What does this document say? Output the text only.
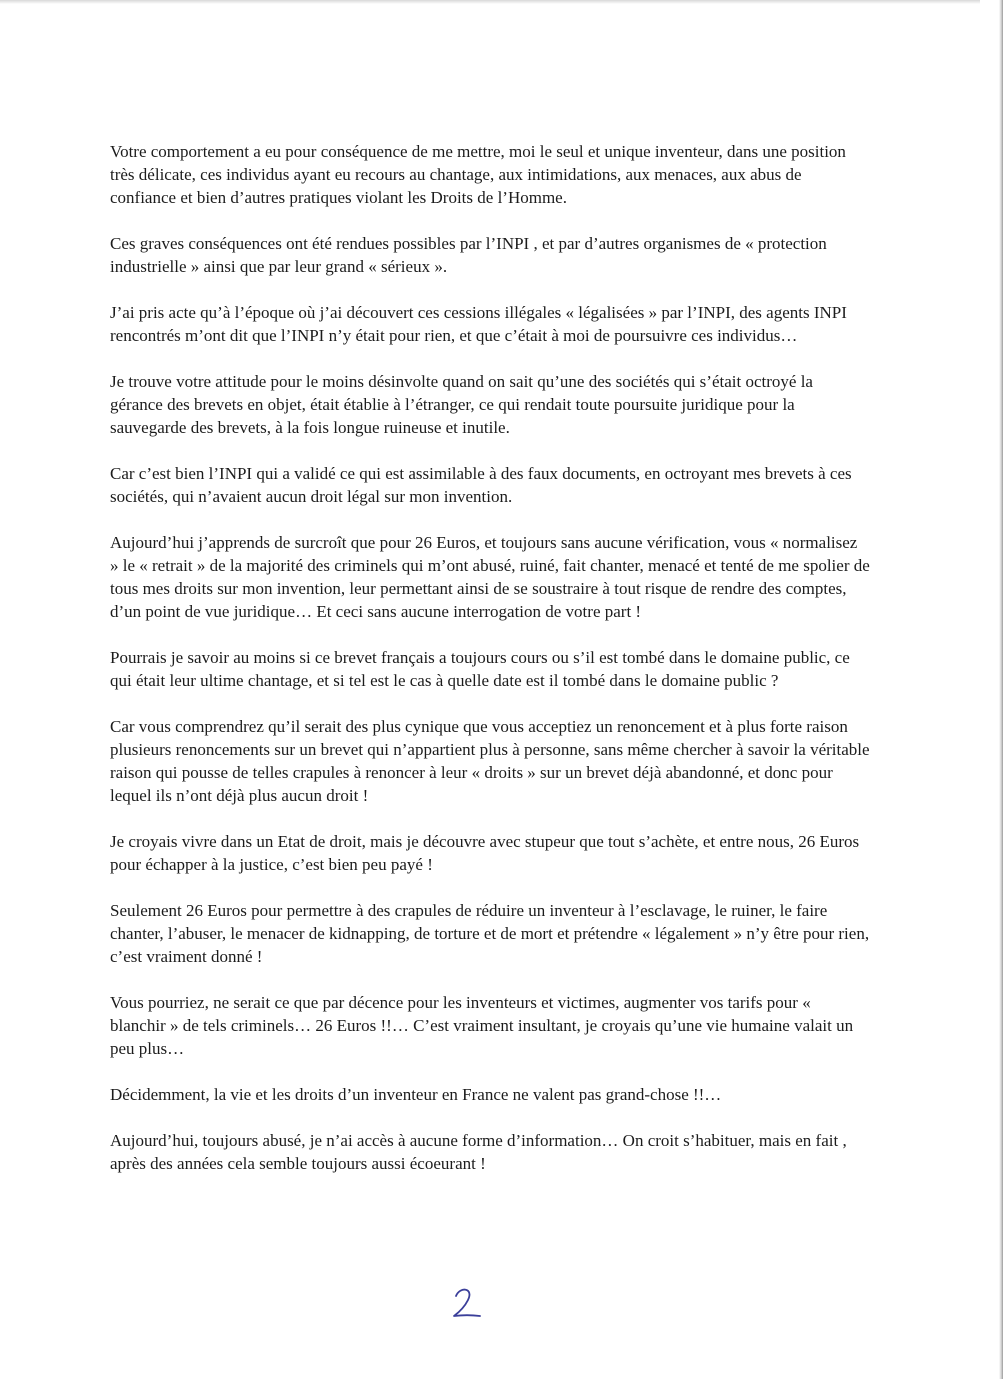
Votre comportement a eu pour conséquence de me mettre, moi le seul et unique inventeur, dans une position très délicate, ces individus ayant eu recours au chantage, aux intimidations, aux menaces, aux abus de confiance et bien d’autres pratiques violant les Droits de l’Homme.

Ces graves conséquences ont été rendues possibles par l’INPI , et par d’autres organismes de « protection industrielle » ainsi que par leur grand « sérieux ».

J’ai pris acte qu’à l’époque où j’ai découvert ces cessions illégales « légalisées » par l’INPI, des agents INPI rencontrés m’ont dit que l’INPI n’y était pour rien, et que c’était à moi de poursuivre ces individus…

Je trouve votre attitude pour le moins désinvolte quand on sait qu’une des sociétés qui s’était octroyé la gérance des brevets en objet, était établie à l’étranger, ce qui rendait toute poursuite juridique pour la sauvegarde des brevets, à la fois longue ruineuse et inutile.

Car c’est bien l’INPI qui a validé ce qui est assimilable à des faux documents, en octroyant mes brevets à ces sociétés, qui n’avaient aucun droit légal sur mon invention.

Aujourd’hui j’apprends de surcroît que pour 26 Euros, et toujours sans aucune vérification, vous « normalisez » le « retrait » de la majorité des criminels qui m’ont abusé, ruiné, fait chanter, menacé et tenté de me spolier de tous mes droits sur mon invention, leur permettant ainsi de se soustraire à tout risque de rendre des comptes, d’un point de vue juridique… Et ceci sans aucune interrogation de votre part !

Pourrais je savoir au moins si ce brevet français a toujours cours ou s’il est tombé dans le domaine public, ce qui était leur ultime chantage, et si tel est le cas à quelle date est il tombé dans le domaine public ?

Car vous comprendrez qu’il serait des plus cynique que vous acceptiez un renoncement et à plus forte raison plusieurs renoncements sur un brevet qui n’appartient plus à personne, sans même chercher à savoir la véritable raison qui pousse de telles crapules à renoncer à leur « droits » sur un brevet déjà abandonné, et donc pour lequel ils n’ont déjà plus aucun droit !

Je croyais vivre dans un Etat de droit, mais je découvre avec stupeur que tout s’achète, et entre nous, 26 Euros pour échapper à la justice, c’est bien peu payé !

Seulement 26 Euros pour permettre à des crapules de réduire un inventeur à l’esclavage, le ruiner, le faire chanter, l’abuser, le menacer de kidnapping, de torture et de mort et prétendre « légalement » n’y être pour rien, c’est vraiment donné !

Vous pourriez, ne serait ce que par décence pour les inventeurs et victimes, augmenter vos tarifs pour « blanchir » de tels criminels… 26 Euros !!… C’est vraiment insultant, je croyais qu’une vie humaine valait un peu plus…

Décidemment, la vie et les droits d’un inventeur en France ne valent pas grand-chose !!…

Aujourd’hui, toujours abusé, je n’ai accès à aucune forme d’information… On croit s’habituer, mais en fait , après des années cela semble toujours aussi écoeurant !
